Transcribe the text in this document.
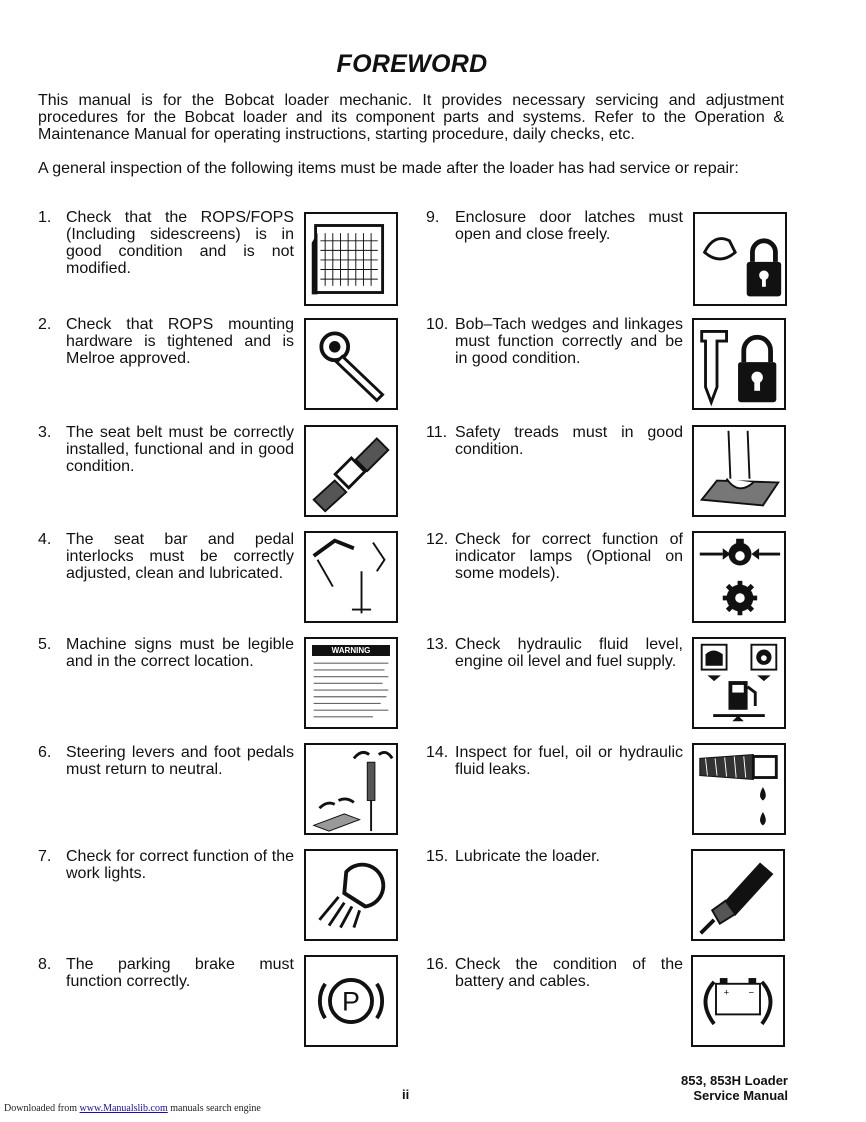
FOREWORD

This manual is for the Bobcat loader mechanic. It provides necessary servicing and adjustment procedures for the Bobcat loader and its component parts and systems. Refer to the Operation & Maintenance Manual for operating instructions, starting procedure, daily checks, etc.

A general inspection of the following items must be made after the loader has had service or repair:

1. Check that the ROPS/FOPS (Including sidescreens) is in good condition and is not modified.
2. Check that ROPS mounting hardware is tightened and is Melroe approved.
3. The seat belt must be correctly installed, functional and in good condition.
4. The seat bar and pedal interlocks must be correctly adjusted, clean and lubricated.
5. Machine signs must be legible and in the correct location.
WARNING
6. Steering levers and foot pedals must return to neutral.
7. Check for correct function of the work lights.
8. The parking brake must function correctly.
P
9. Enclosure door latches must open and close freely.
10. Bob–Tach wedges and linkages must function correctly and be in good condition.
11. Safety treads must in good condition.
12. Check for correct function of indicator lamps (Optional on some models).
13. Check hydraulic fluid level, engine oil level and fuel supply.
14. Inspect for fuel, oil or hydraulic fluid leaks.
15. Lubricate the loader.
16. Check the condition of the battery and cables.
+ −
ii
853, 853H Loader
Service Manual
Downloaded from www.Manualslib.com manuals search engine
